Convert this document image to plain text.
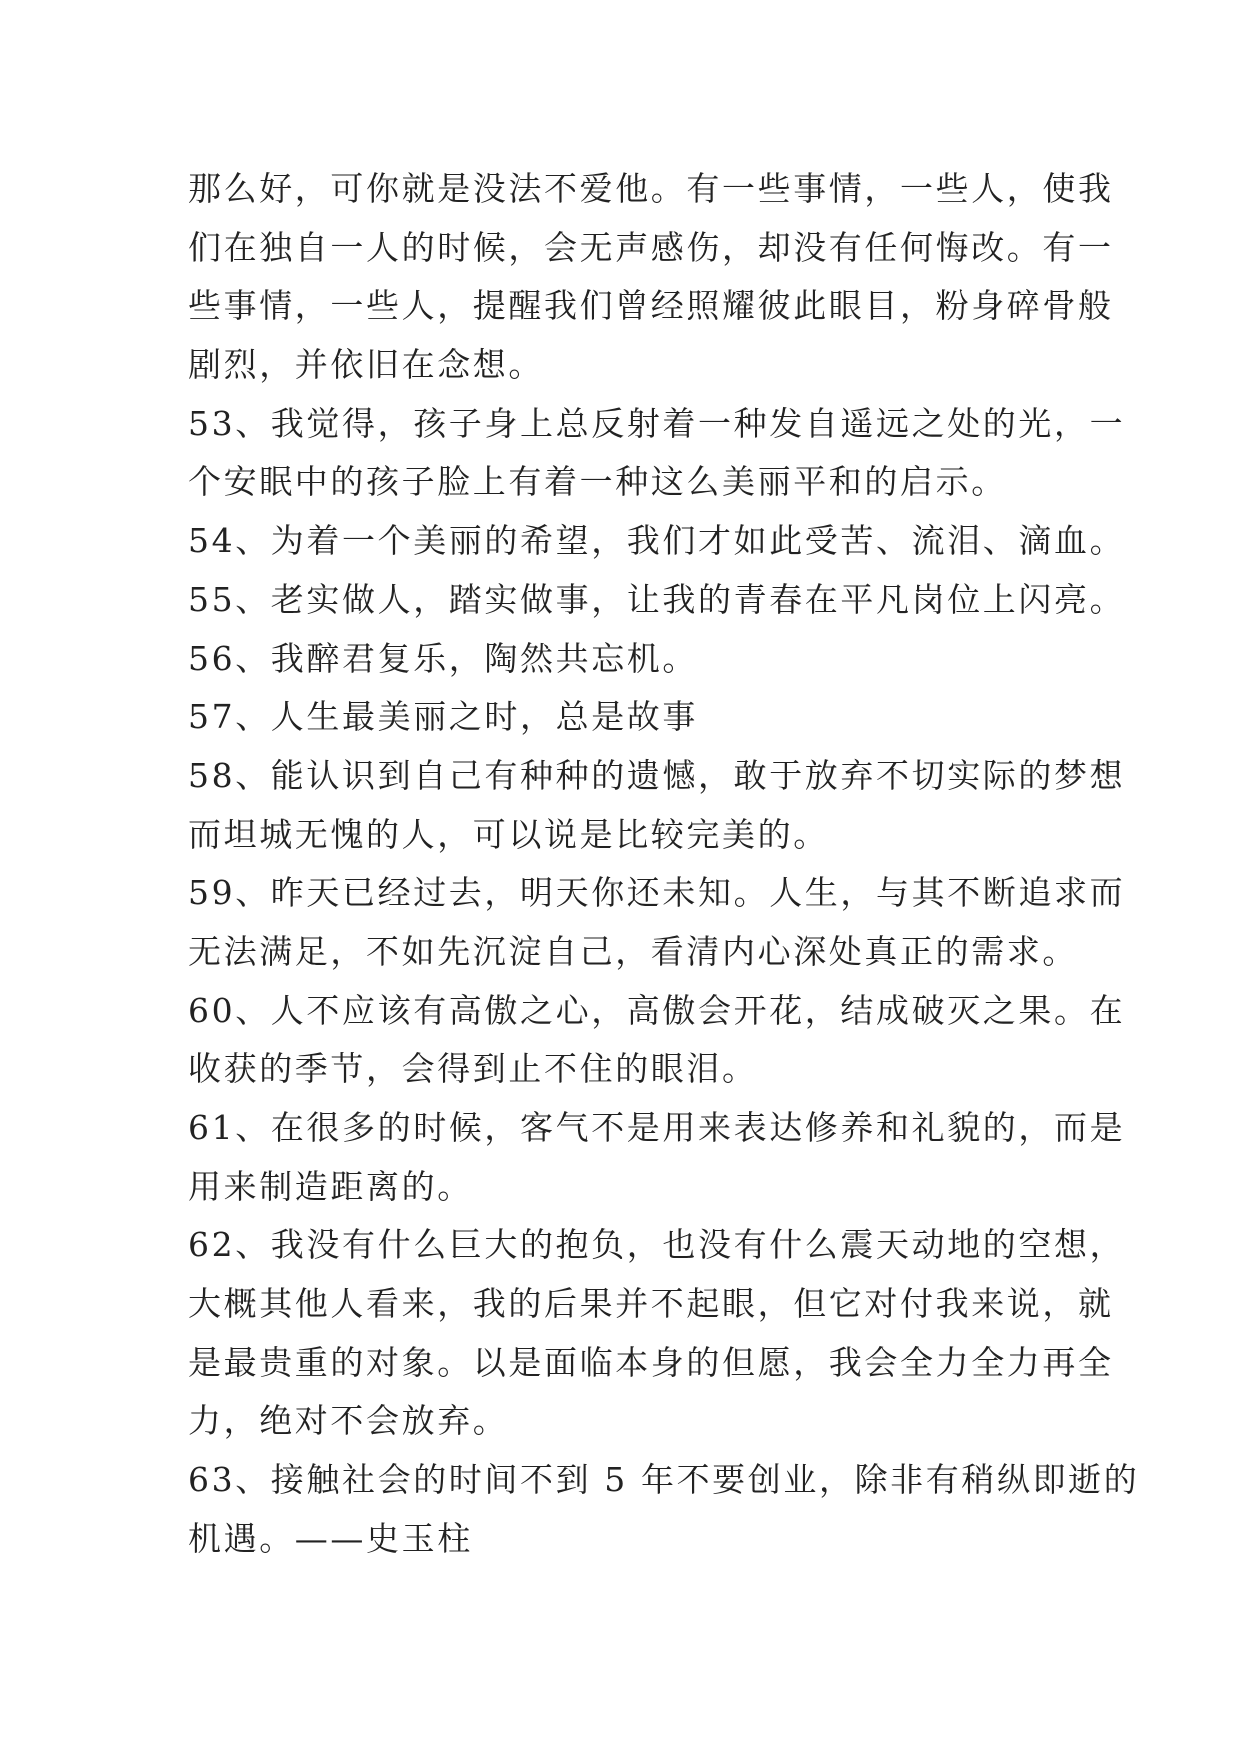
那么好，可你就是没法不爱他。有一些事情，一些人，使我
们在独自一人的时候，会无声感伤，却没有任何悔改。有一
些事情，一些人，提醒我们曾经照耀彼此眼目，粉身碎骨般
剧烈，并依旧在念想。
53、我觉得，孩子身上总反射着一种发自遥远之处的光，一
个安眠中的孩子脸上有着一种这么美丽平和的启示。
54、为着一个美丽的希望，我们才如此受苦、流泪、滴血。
55、老实做人，踏实做事，让我的青春在平凡岗位上闪亮。
56、我醉君复乐，陶然共忘机。
57、人生最美丽之时，总是故事
58、能认识到自己有种种的遗憾，敢于放弃不切实际的梦想
而坦城无愧的人，可以说是比较完美的。
59、昨天已经过去，明天你还未知。人生，与其不断追求而
无法满足，不如先沉淀自己，看清内心深处真正的需求。
60、人不应该有高傲之心，高傲会开花，结成破灭之果。在
收获的季节，会得到止不住的眼泪。
61、在很多的时候，客气不是用来表达修养和礼貌的，而是
用来制造距离的。
62、我没有什么巨大的抱负，也没有什么震天动地的空想，
大概其他人看来，我的后果并不起眼，但它对付我来说，就
是最贵重的对象。以是面临本身的但愿，我会全力全力再全
力，绝对不会放弃。
63、接触社会的时间不到 5 年不要创业，除非有稍纵即逝的
机遇。——史玉柱
